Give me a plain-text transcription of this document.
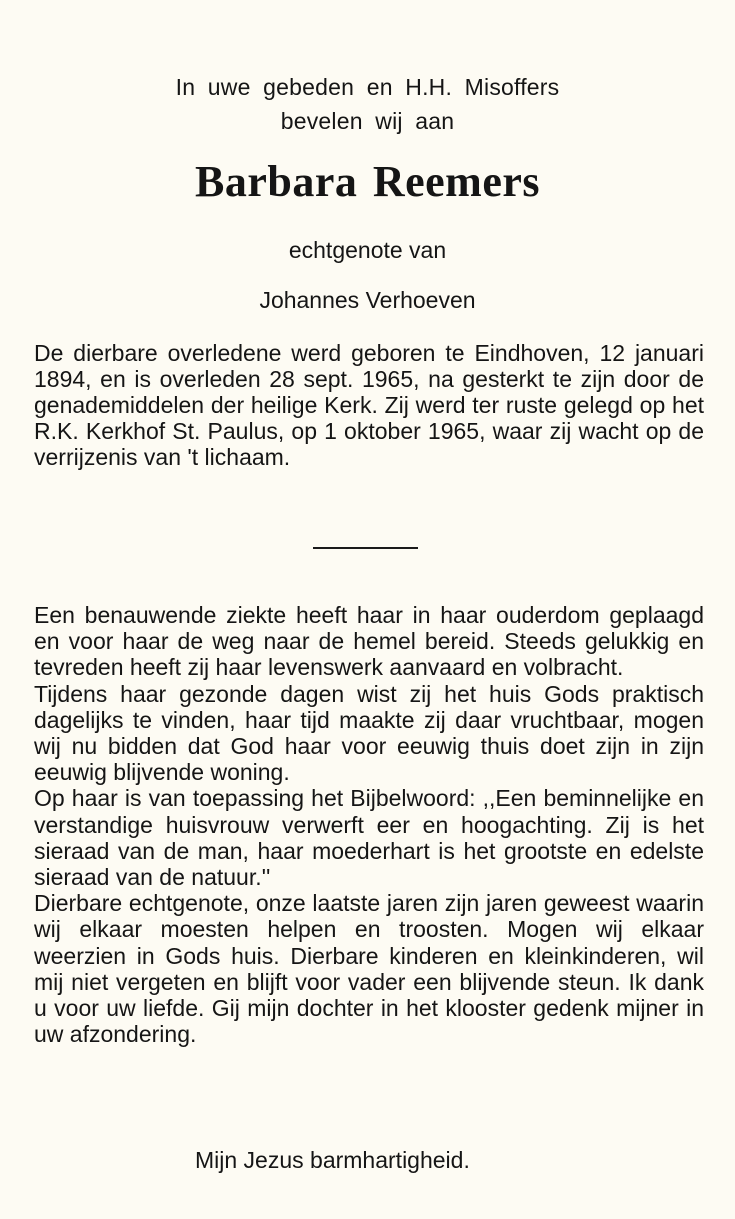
In uwe gebeden en H.H. Misoffers
bevelen wij aan
Barbara Reemers
echtgenote van
Johannes Verhoeven

De dierbare overledene werd geboren te Eindhoven, 12 januari 1894, en is overleden 28 sept. 1965, na gesterkt te zijn door de genademiddelen der heilige Kerk. Zij werd ter ruste gelegd op het R.K. Kerkhof St. Paulus, op 1 oktober 1965, waar zij wacht op de verrijzenis van 't lichaam.

Een benauwende ziekte heeft haar in haar ouderdom geplaagd en voor haar de weg naar de hemel bereid. Steeds gelukkig en tevreden heeft zij haar levenswerk aanvaard en volbracht.

Tijdens haar gezonde dagen wist zij het huis Gods praktisch dagelijks te vinden, haar tijd maakte zij daar vruchtbaar, mogen wij nu bidden dat God haar voor eeuwig thuis doet zijn in zijn eeuwig blijvende woning.

Op haar is van toepassing het Bijbelwoord: ,,Een beminnelijke en verstandige huisvrouw verwerft eer en hoogachting. Zij is het sieraad van de man, haar moederhart is het grootste en edelste sieraad van de natuur.''

Dierbare echtgenote, onze laatste jaren zijn jaren geweest waarin wij elkaar moesten helpen en troosten. Mogen wij elkaar weerzien in Gods huis. Dierbare kinderen en kleinkinderen, wil mij niet vergeten en blijft voor vader een blijvende steun. Ik dank u voor uw liefde. Gij mijn dochter in het klooster gedenk mijner in uw afzondering.

Mijn Jezus barmhartigheid.
